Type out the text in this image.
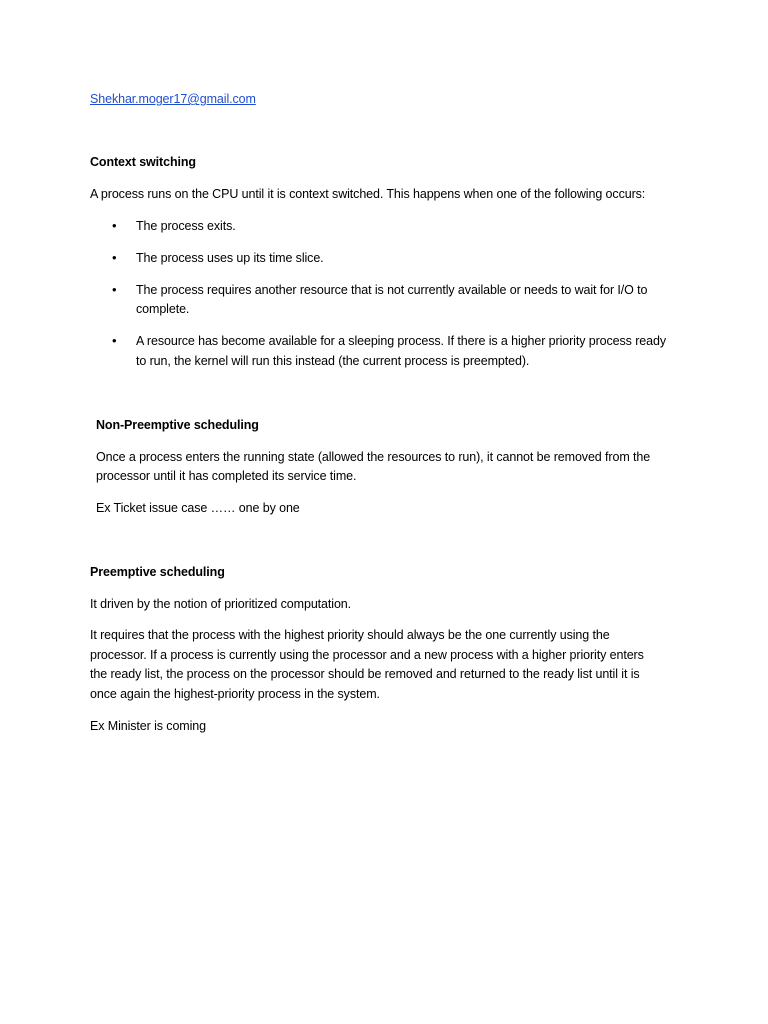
Shekhar.moger17@gmail.com
Context switching
A process runs on the CPU until it is context switched. This happens when one of the following occurs:
• The process exits.
• The process uses up its time slice.
• The process requires another resource that is not currently available or needs to wait for I/O to
complete.
• A resource has become available for a sleeping process. If there is a higher priority process ready
to run, the kernel will run this instead (the current process is preempted).
Non-Preemptive scheduling
Once a process enters the running state (allowed the resources to run), it cannot be removed from the
processor until it has completed its service time.
Ex Ticket issue case …… one by one
Preemptive scheduling
It driven by the notion of prioritized computation.
It requires that the process with the highest priority should always be the one currently using the
processor. If a process is currently using the processor and a new process with a higher priority enters
the ready list, the process on the processor should be removed and returned to the ready list until it is
once again the highest-priority process in the system.
Ex Minister is coming
